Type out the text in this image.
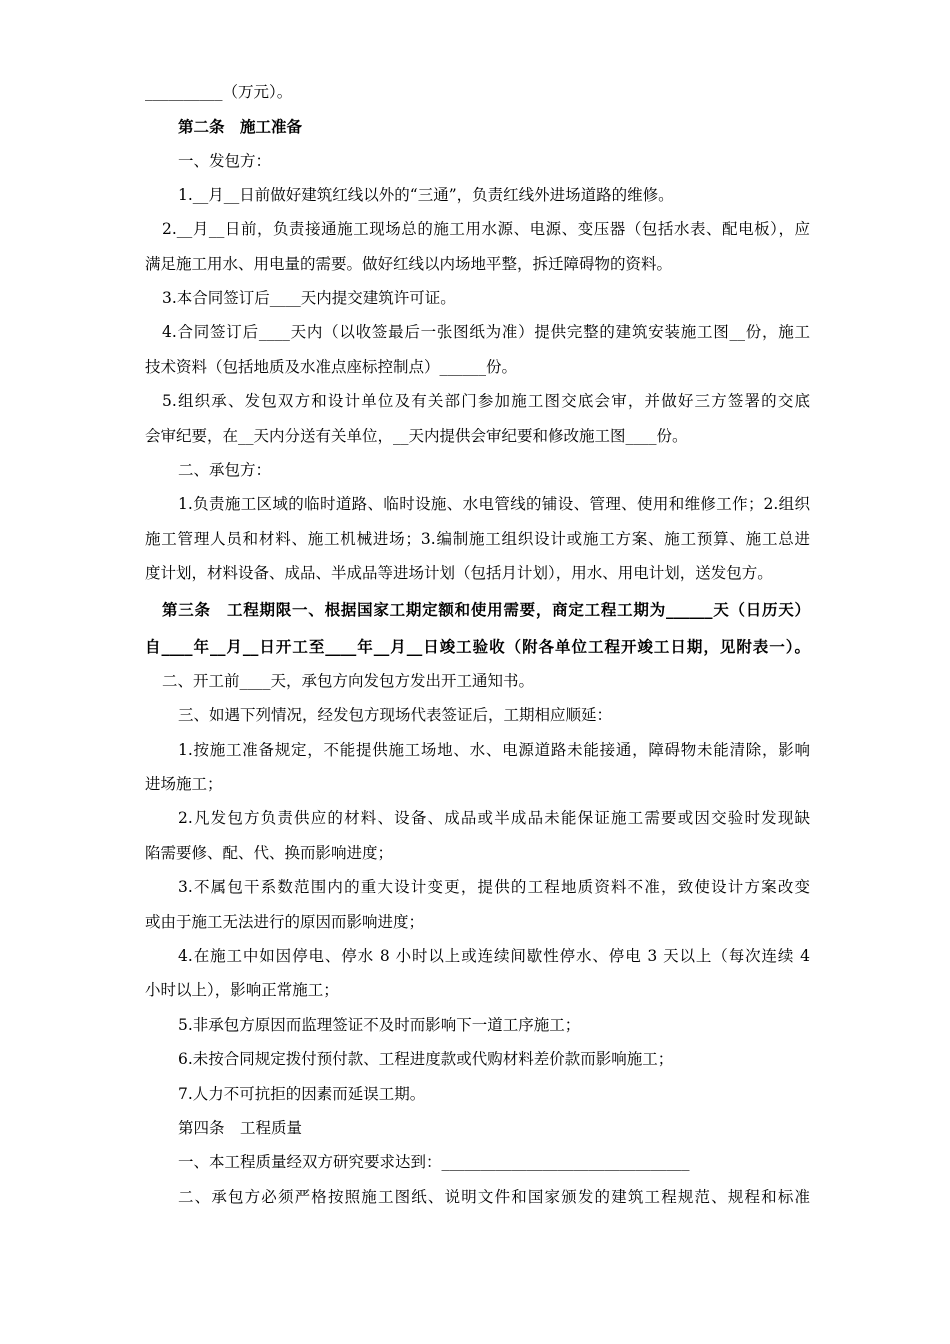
__________（万元）。
第二条　施工准备
一、发包方：
1.__月__日前做好建筑红线以外的“三通”，负责红线外进场道路的维修。
2.__月__日前，负责接通施工现场总的施工用水源、电源、变压器（包括水表、配电板），应
满足施工用水、用电量的需要。做好红线以内场地平整，拆迁障碍物的资料。
3.本合同签订后____天内提交建筑许可证。
4.合同签订后____天内（以收签最后一张图纸为准）提供完整的建筑安装施工图__份，施工
技术资料（包括地质及水准点座标控制点）______份。
5.组织承、发包双方和设计单位及有关部门参加施工图交底会审，并做好三方签署的交底
会审纪要，在__天内分送有关单位，__天内提供会审纪要和修改施工图____份。
二、承包方：
1.负责施工区域的临时道路、临时设施、水电管线的铺设、管理、使用和维修工作；2.组织
施工管理人员和材料、施工机械进场；3.编制施工组织设计或施工方案、施工预算、施工总进
度计划，材料设备、成品、半成品等进场计划（包括月计划），用水、用电计划，送发包方。
第三条　工程期限一、根据国家工期定额和使用需要，商定工程工期为______天（日历天）
自____年__月__日开工至____年__月__日竣工验收（附各单位工程开竣工日期，见附表一）。
二、开工前____天，承包方向发包方发出开工通知书。
三、如遇下列情况，经发包方现场代表签证后，工期相应顺延：
1.按施工准备规定，不能提供施工场地、水、电源道路未能接通，障碍物未能清除，影响
进场施工；
2.凡发包方负责供应的材料、设备、成品或半成品未能保证施工需要或因交验时发现缺
陷需要修、配、代、换而影响进度；
3.不属包干系数范围内的重大设计变更，提供的工程地质资料不准，致使设计方案改变
或由于施工无法进行的原因而影响进度；
4.在施工中如因停电、停水 8 小时以上或连续间歇性停水、停电 3 天以上（每次连续 4
小时以上），影响正常施工；
5.非承包方原因而监理签证不及时而影响下一道工序施工；
6.未按合同规定拨付预付款、工程进度款或代购材料差价款而影响施工；
7.人力不可抗拒的因素而延误工期。
第四条　工程质量
一、本工程质量经双方研究要求达到：________________________________
二、承包方必须严格按照施工图纸、说明文件和国家颁发的建筑工程规范、规程和标准
